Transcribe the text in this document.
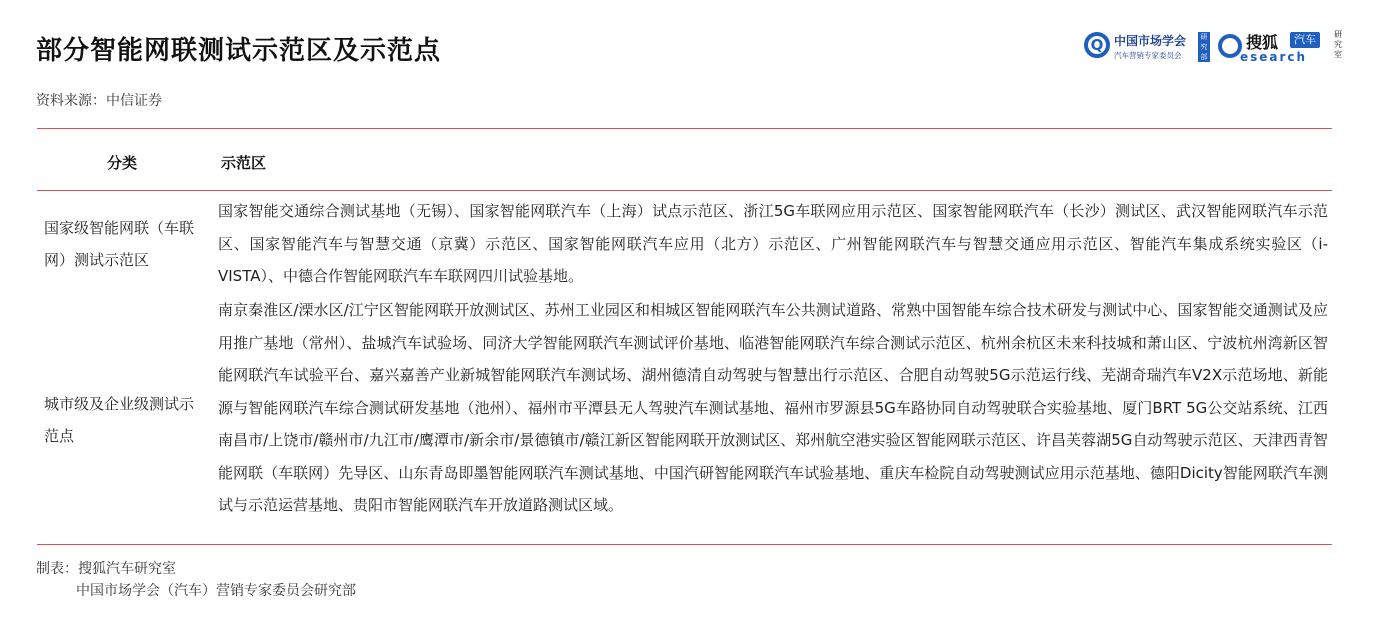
部分智能网联测试示范区及示范点
资料来源：中信证券
Q 中国市场学会
汽车营销专家委员会
研究部
搜狐	汽车
esearch
研究室
分类	示范区
国家级智能网联（车联网）测试示范区
国家智能交通综合测试基地（无锡）、国家智能网联汽车（上海）试点示范区、浙江5G车联网应用示范区、国家智能网联汽车（长沙）测试区、武汉智能网联汽车示范区、国家智能汽车与智慧交通（京冀）示范区、国家智能网联汽车应用（北方）示范区、广州智能网联汽车与智慧交通应用示范区、智能汽车集成系统实验区（i-VISTA）、中德合作智能网联汽车车联网四川试验基地。
城市级及企业级测试示范点
南京秦淮区/溧水区/江宁区智能网联开放测试区、苏州工业园区和相城区智能网联汽车公共测试道路、常熟中国智能车综合技术研发与测试中心、国家智能交通测试及应用推广基地（常州）、盐城汽车试验场、同济大学智能网联汽车测试评价基地、临港智能网联汽车综合测试示范区、杭州余杭区未来科技城和萧山区、宁波杭州湾新区智能网联汽车试验平台、嘉兴嘉善产业新城智能网联汽车测试场、湖州德清自动驾驶与智慧出行示范区、合肥自动驾驶5G示范运行线、芜湖奇瑞汽车V2X示范场地、新能源与智能网联汽车综合测试研发基地（池州）、福州市平潭县无人驾驶汽车测试基地、福州市罗源县5G车路协同自动驾驶联合实验基地、厦门BRT 5G公交站系统、江西南昌市/上饶市/赣州市/九江市/鹰潭市/新余市/景德镇市/赣江新区智能网联开放测试区、郑州航空港实验区智能网联示范区、许昌芙蓉湖5G自动驾驶示范区、天津西青智能网联（车联网）先导区、山东青岛即墨智能网联汽车测试基地、中国汽研智能网联汽车试验基地、重庆车检院自动驾驶测试应用示范基地、德阳Dicity智能网联汽车测试与示范运营基地、贵阳市智能网联汽车开放道路测试区域。
制表：搜狐汽车研究室
中国市场学会（汽车）营销专家委员会研究部
